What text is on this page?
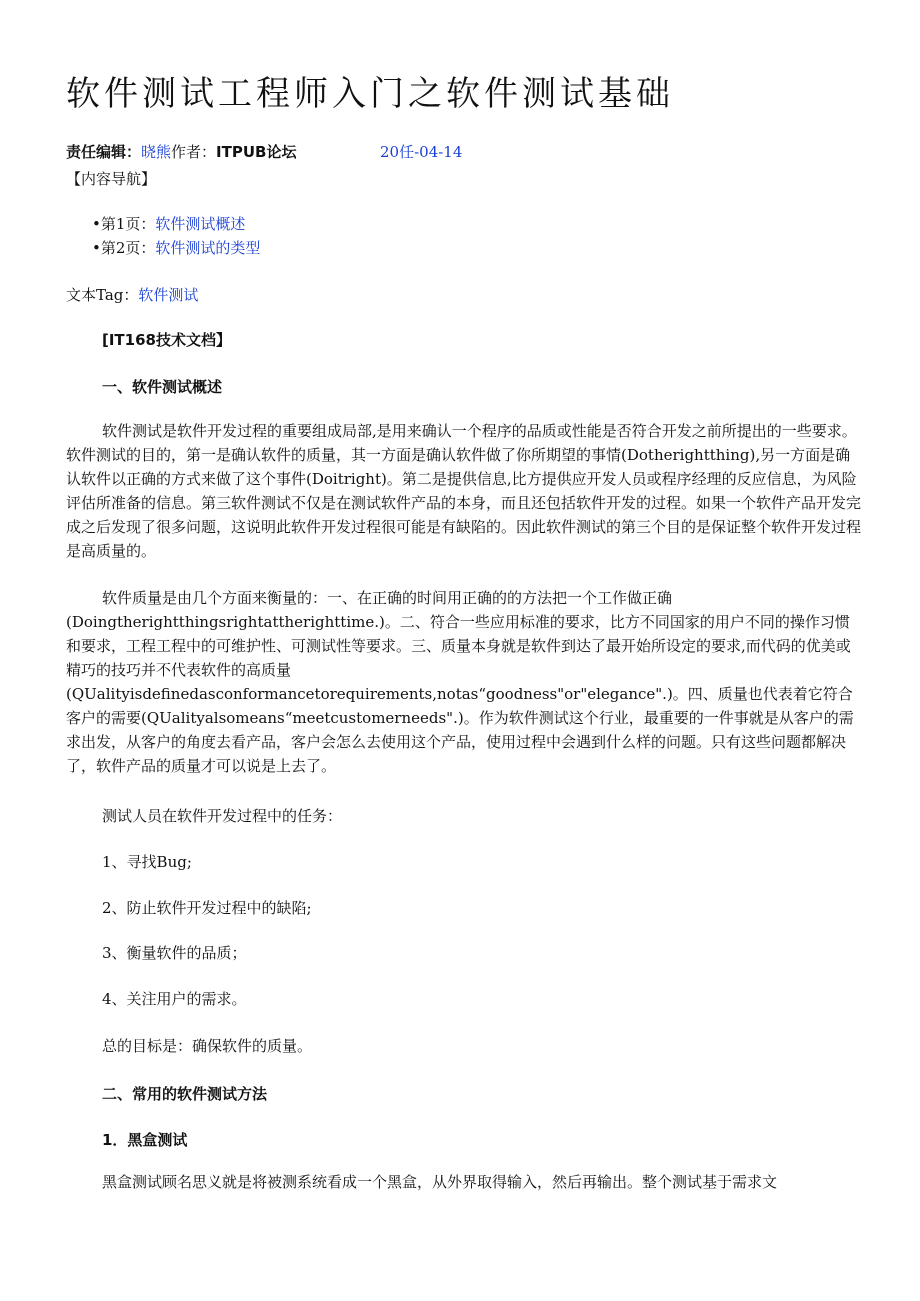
软件测试工程师入门之软件测试基础
责任编辑：晓熊作者：ITPUB论坛	20任-04-14
【内容导航】
•第1页：软件测试概述
•第2页：软件测试的类型
文本Tag：软件测试
[IT168技术文档】
一、软件测试概述

软件测试是软件开发过程的重要组成局部,是用来确认一个程序的品质或性能是否符合开发之前所提出的一些要求。软件测试的目的，第一是确认软件的质量，其一方面是确认软件做了你所期望的事情(Dotherightthing),另一方面是确认软件以正确的方式来做了这个事件(Doitright)。第二是提供信息,比方提供应开发人员或程序经理的反应信息，为风险评估所准备的信息。第三软件测试不仅是在测试软件产品的本身，而且还包括软件开发的过程。如果一个软件产品开发完成之后发现了很多问题，这说明此软件开发过程很可能是有缺陷的。因此软件测试的第三个目的是保证整个软件开发过程是高质量的。

软件质量是由几个方面来衡量的：一、在正确的时间用正确的的方法把一个工作做正确(Doingtherightthingsrightattherighttime.)。二、符合一些应用标准的要求，比方不同国家的用户不同的操作习惯和要求，工程工程中的可维护性、可测试性等要求。三、质量本身就是软件到达了最开始所设定的要求,而代码的优美或精巧的技巧并不代表软件的高质量(QUalityisdefinedasconformancetorequirements,notas“goodness"or"elegance".)。四、质量也代表着它符合客户的需要(QUalityalsomeans“meetcustomerneeds".)。作为软件测试这个行业，最重要的一件事就是从客户的需求出发，从客户的角度去看产品，客户会怎么去使用这个产品，使用过程中会遇到什么样的问题。只有这些问题都解决了，软件产品的质量才可以说是上去了。

测试人员在软件开发过程中的任务：

1、寻找Bug;

2、防止软件开发过程中的缺陷;

3、衡量软件的品质；

4、关注用户的需求。

总的目标是：确保软件的质量。

二、常用的软件测试方法
1．黑盒测试

黑盒测试顾名思义就是将被测系统看成一个黑盒，从外界取得输入，然后再输出。整个测试基于需求文
